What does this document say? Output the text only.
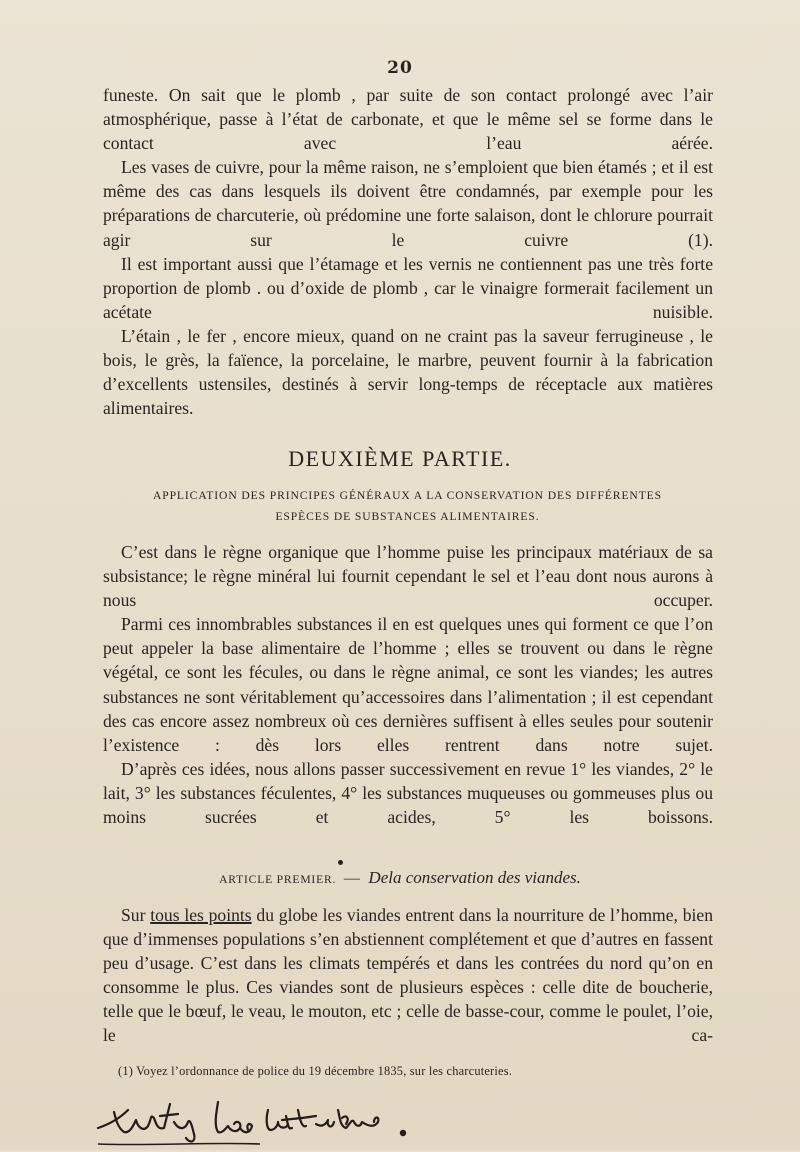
20

funeste. On sait que le plomb , par suite de son contact prolongé avec l’air atmosphérique, passe à l’état de carbonate, et que le même sel se forme dans le contact avec l’eau aérée.

Les vases de cuivre, pour la même raison, ne s’emploient que bien étamés ; et il est même des cas dans lesquels ils doivent être condamnés, par exemple pour les préparations de charcuterie, où prédomine une forte salaison, dont le chlorure pourrait agir sur le cuivre (1).

Il est important aussi que l’étamage et les vernis ne contiennent pas une très forte proportion de plomb . ou d’oxide de plomb , car le vinaigre formerait facilement un acétate nuisible.

L’étain , le fer , encore mieux, quand on ne craint pas la saveur ferrugineuse , le bois, le grès, la faïence, la porcelaine, le marbre, peuvent fournir à la fabrication d’excellents ustensiles, destinés à servir long-temps de réceptacle aux matières alimentaires.

DEUXIÈME PARTIE.
APPLICATION DES PRINCIPES GÉNÉRAUX A LA CONSERVATION DES DIFFÉRENTES
ESPÈCES DE SUBSTANCES ALIMENTAIRES.

C’est dans le règne organique que l’homme puise les principaux matériaux de sa subsistance; le règne minéral lui fournit cependant le sel et l’eau dont nous aurons à nous occuper.

Parmi ces innombrables substances il en est quelques unes qui forment ce que l’on peut appeler la base alimentaire de l’homme ; elles se trouvent ou dans le règne végétal, ce sont les fécules, ou dans le règne animal, ce sont les viandes; les autres substances ne sont véritablement qu’accessoires dans l’alimentation ; il est cependant des cas encore assez nombreux où ces dernières suffisent à elles seules pour soutenir l’existence : dès lors elles rentrent dans notre sujet.

D’après ces idées, nous allons passer successivement en revue 1° les viandes, 2° le lait, 3° les substances féculentes, 4° les substances muqueuses ou gommeuses plus ou moins sucrées et acides, 5° les boissons.

ARTICLE PREMIER. — Dela conservation des viandes.

Sur tous les points du globe les viandes entrent dans la nourriture de l’homme, bien que d’immenses populations s’en abstiennent complétement et que d’autres en fassent peu d’usage. C’est dans les climats tempérés et dans les contrées du nord qu’on en consomme le plus. Ces viandes sont de plusieurs espèces : celle dite de boucherie, telle que le bœuf, le veau, le mouton, etc ; celle de basse-cour, comme le poulet, l’oie, le ca-

(1) Voyez l’ordonnance de police du 19 décembre 1835, sur les charcuteries.
